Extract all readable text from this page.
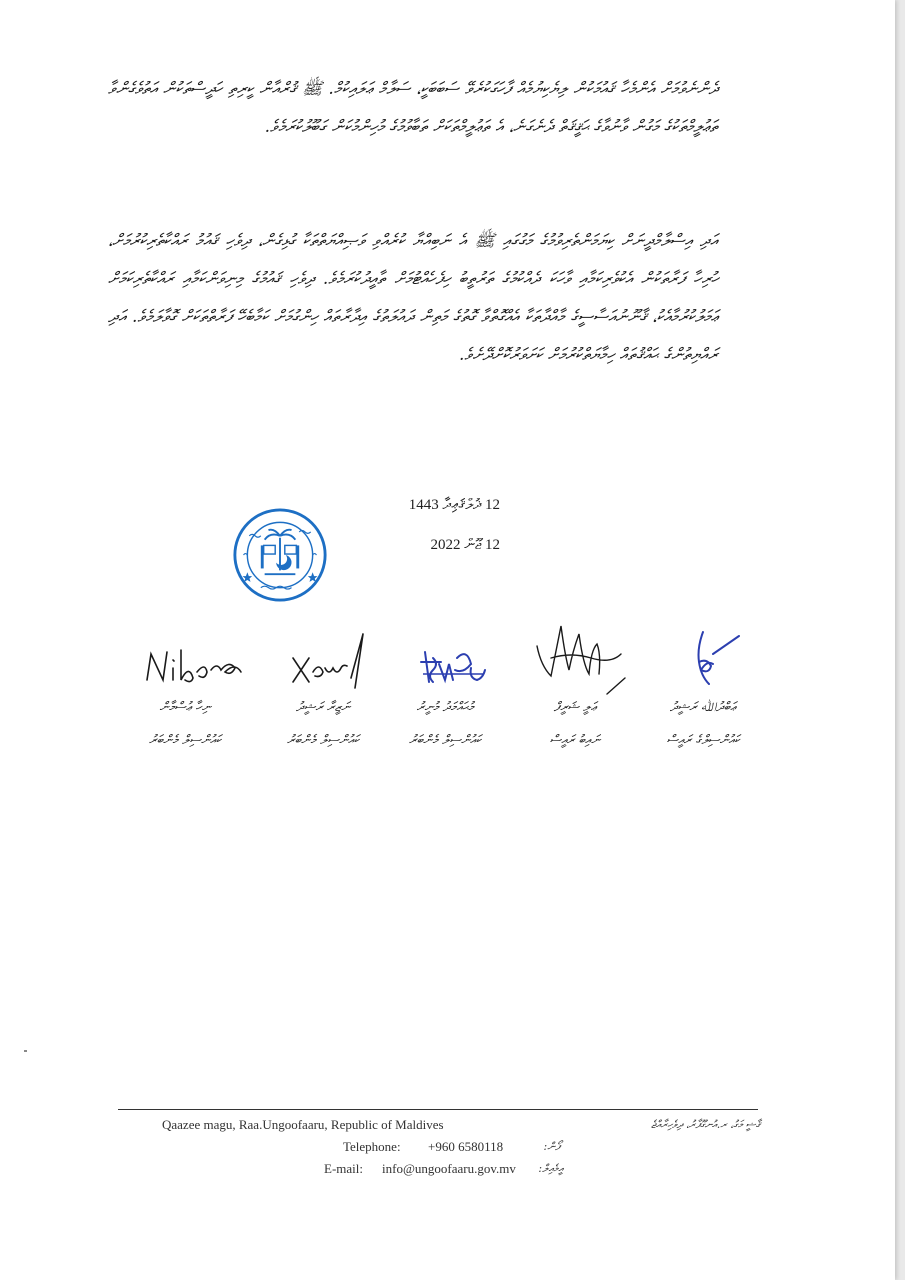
ދެންނެވުމަށް އެންމެހާ ޤައުމަކުން ލިޔެކިޔުމެއް ފާހަގަކުރެވޭ ސަބަބަކީ، ސަލާމް ޢަލައިކުމް. ﷺ ޤުރްއާން ކީރިތި ހަދީސްތަކުން އަތުވެގެންވާ ތަޢުލީމްތަކުގެ މަގުން ވާނުވާގެ ޙަޤީޤަތް ދެނެގަނެ، އެ ތަޢުލީމްތަކަށް ތަބާވުމުގެ މުހިންމުކަން ގަބޫލުކުރަމެވެ.
އަދި އިސްލާމްދީނަށް ކިޔަމަންތެރިވުމުގެ މަގުގައި ﷺ އެ ނަބިއްޔާ ކުރެއްވި ވަޞިއްޔަތްތަކާ ގުޅިގެން، ދިވެހި ޤައުމު ރައްކާތެރިކުރުމަށް، ހުރިހާ ފަރާތަކުން އެކުވެރިކަމާއި ވާހަކަ ދެއްކުމުގެ ތަރުތީބު ހިފެހެއްޓުމަށް ތާއީދުކުރަމެވެ. ދިވެހި ޤައުމުގެ މިނިވަންކަމާއި ރައްކާތެރިކަމަށް ޢަމަލުކުރުމާއެކު، ޤާނޫނުއަސާސީގެ މާއްދާތަކާ އެއްގޮތްވާ ގޮތުގެ މަތިން ދައުލަތުގެ އިދާރާތައް ހިންގުމަށް ކަމާބެހޭ ފަރާތްތަކަށް ގޮވާލަމެވެ. އަދި ރައްޔިތުންގެ ޙައްޤުތައް ހިމާޔަތްކުރުމަށް ކަށަވަރުކޮށްދޭށެވެ.
12 ޛުލްޤަޢިދާ 1443
12 ޖޫން 2022
ނިހާ ޢުސްމާން
ކައުންސިލް މެންބަރު
ނަޒީރާ ރަޝީދު
ކައުންސިލް މެންބަރު
މުޙައްމަދު މުނީރު
ކައުންސިލް މެންބަރު
ޢަލީ ޝަރީފް
ނައިބު ރައީސް
ޢަބްދުﷲ ރަޝީދު
ކައުންސިލްގެ ރައީސް
Qaazee magu, Raa.Ungoofaaru, Republic of Maldives
Telephone: +960 6580118
E-mail: info@ungoofaaru.gov.mv
ޤާޟީ މަގު، ރ.އުނގޫފާރު، ދިވެހިރާއްޖެ
ފޯން:
އީމެއިލް:
